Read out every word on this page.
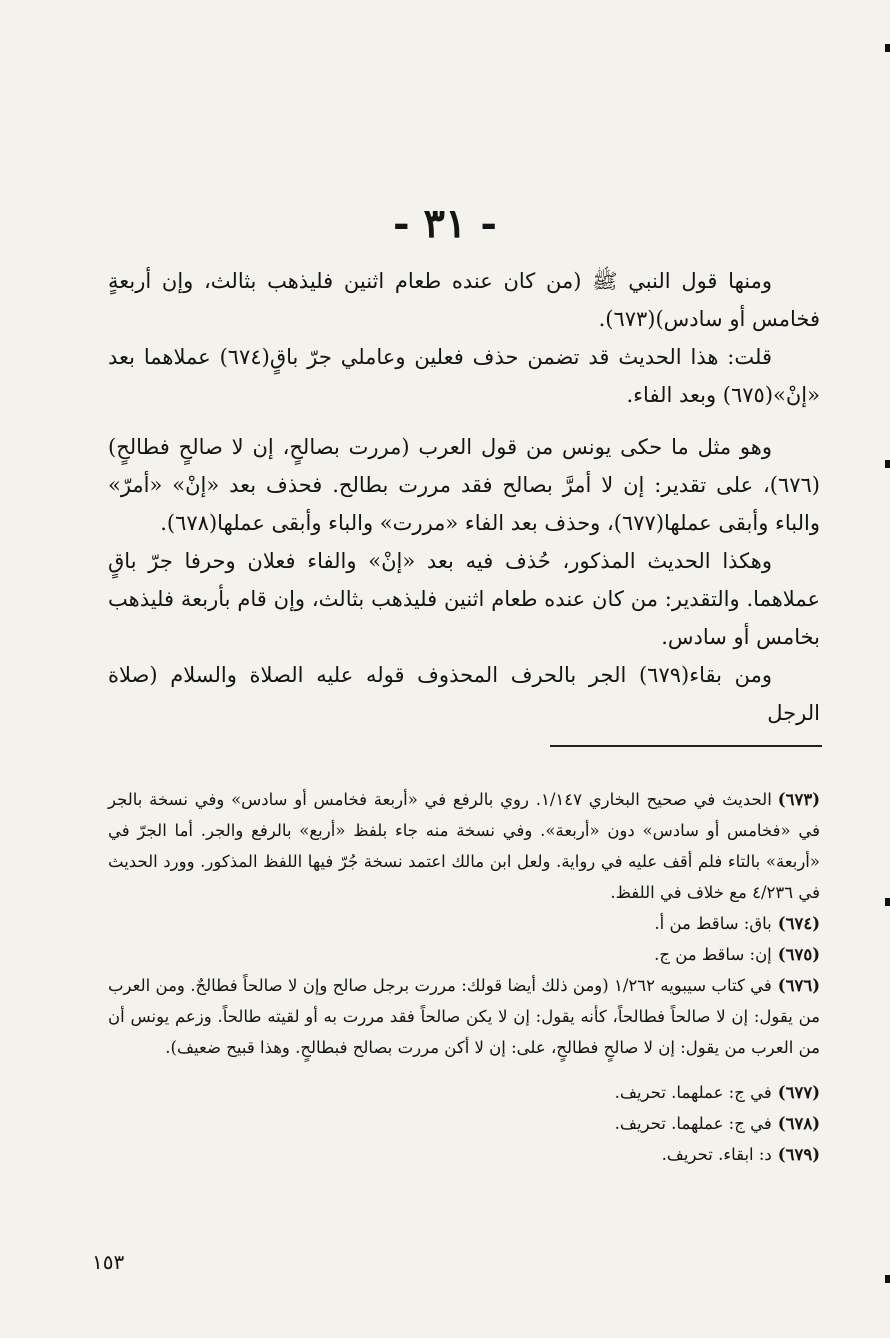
- ٣١ -

ومنها قول النبي ﷺ (من كان عنده طعام اثنين فليذهب بثالث، وإن أربعةٍ فخامس أو سادس)(٦٧٣).

قلت: هذا الحديث قد تضمن حذف فعلين وعاملي جرّ باقٍ(٦٧٤) عملاهما بعد «إنْ»(٦٧٥) وبعد الفاء.

وهو مثل ما حكى يونس من قول العرب (مررت بصالحٍ، إن لا صالحٍ فطالحٍ)(٦٧٦)، على تقدير: إن لا أمرَّ بصالح فقد مررت بطالح. فحذف بعد «إنْ» «أمرّ» والباء وأبقى عملها(٦٧٧)، وحذف بعد الفاء «مررت» والباء وأبقى عملها(٦٧٨).

وهكذا الحديث المذكور، حُذف فيه بعد «إنْ» والفاء فعلان وحرفا جرّ باقٍ عملاهما. والتقدير: من كان عنده طعام اثنين فليذهب بثالث، وإن قام بأربعة فليذهب بخامس أو سادس.

ومن بقاء(٦٧٩) الجر بالحرف المحذوف قوله عليه الصلاة والسلام (صلاة الرجل

(٦٧٣)الحديث في صحيح البخاري ١/١٤٧. روي بالرفع في «أربعة فخامس أو سادس» وفي نسخة بالجر في «فخامس أو سادس» دون «أربعة». وفي نسخة منه جاء بلفظ «أربع» بالرفع والجر. أما الجرّ في «أربعة» بالتاء فلم أقف عليه في رواية. ولعل ابن مالك اعتمد نسخة جُرّ فيها اللفظ المذكور. وورد الحديث في ٤/٢٣٦ مع خلاف في اللفظ.

(٦٧٤)باق: ساقط من أ.

(٦٧٥)إن: ساقط من ج.

(٦٧٦)في كتاب سيبويه ١/٢٦٢ (ومن ذلك أيضا قولك: مررت برجل صالح وإن لا صالحاً فطالحٌ. ومن العرب من يقول: إن لا صالحاً فطالحاً، كأنه يقول: إن لا يكن صالحاً فقد مررت به أو لقيته طالحاً. وزعم يونس أن من العرب من يقول: إن لا صالحٍ فطالحٍ، على: إن لا أكن مررت بصالح فبطالحٍ. وهذا قبيح ضعيف).

(٦٧٧)في ج: عملهما. تحريف.

(٦٧٨)في ج: عملهما. تحريف.

(٦٧٩)د: ابقاء. تحريف.

١٥٣
